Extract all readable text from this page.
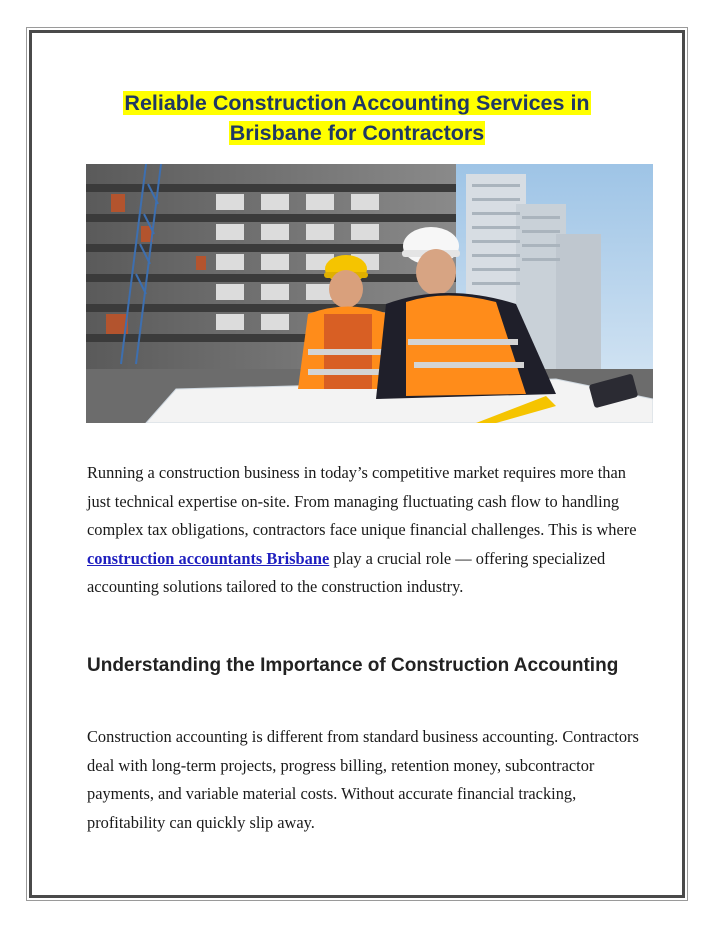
Reliable Construction Accounting Services in
Brisbane for Contractors

Running a construction business in today’s competitive market requires more than just technical expertise on-site. From managing fluctuating cash flow to handling complex tax obligations, contractors face unique financial challenges. This is where construction accountants Brisbane play a crucial role — offering specialized accounting solutions tailored to the construction industry.

Understanding the Importance of Construction Accounting

Construction accounting is different from standard business accounting. Contractors deal with long-term projects, progress billing, retention money, subcontractor payments, and variable material costs. Without accurate financial tracking, profitability can quickly slip away.
